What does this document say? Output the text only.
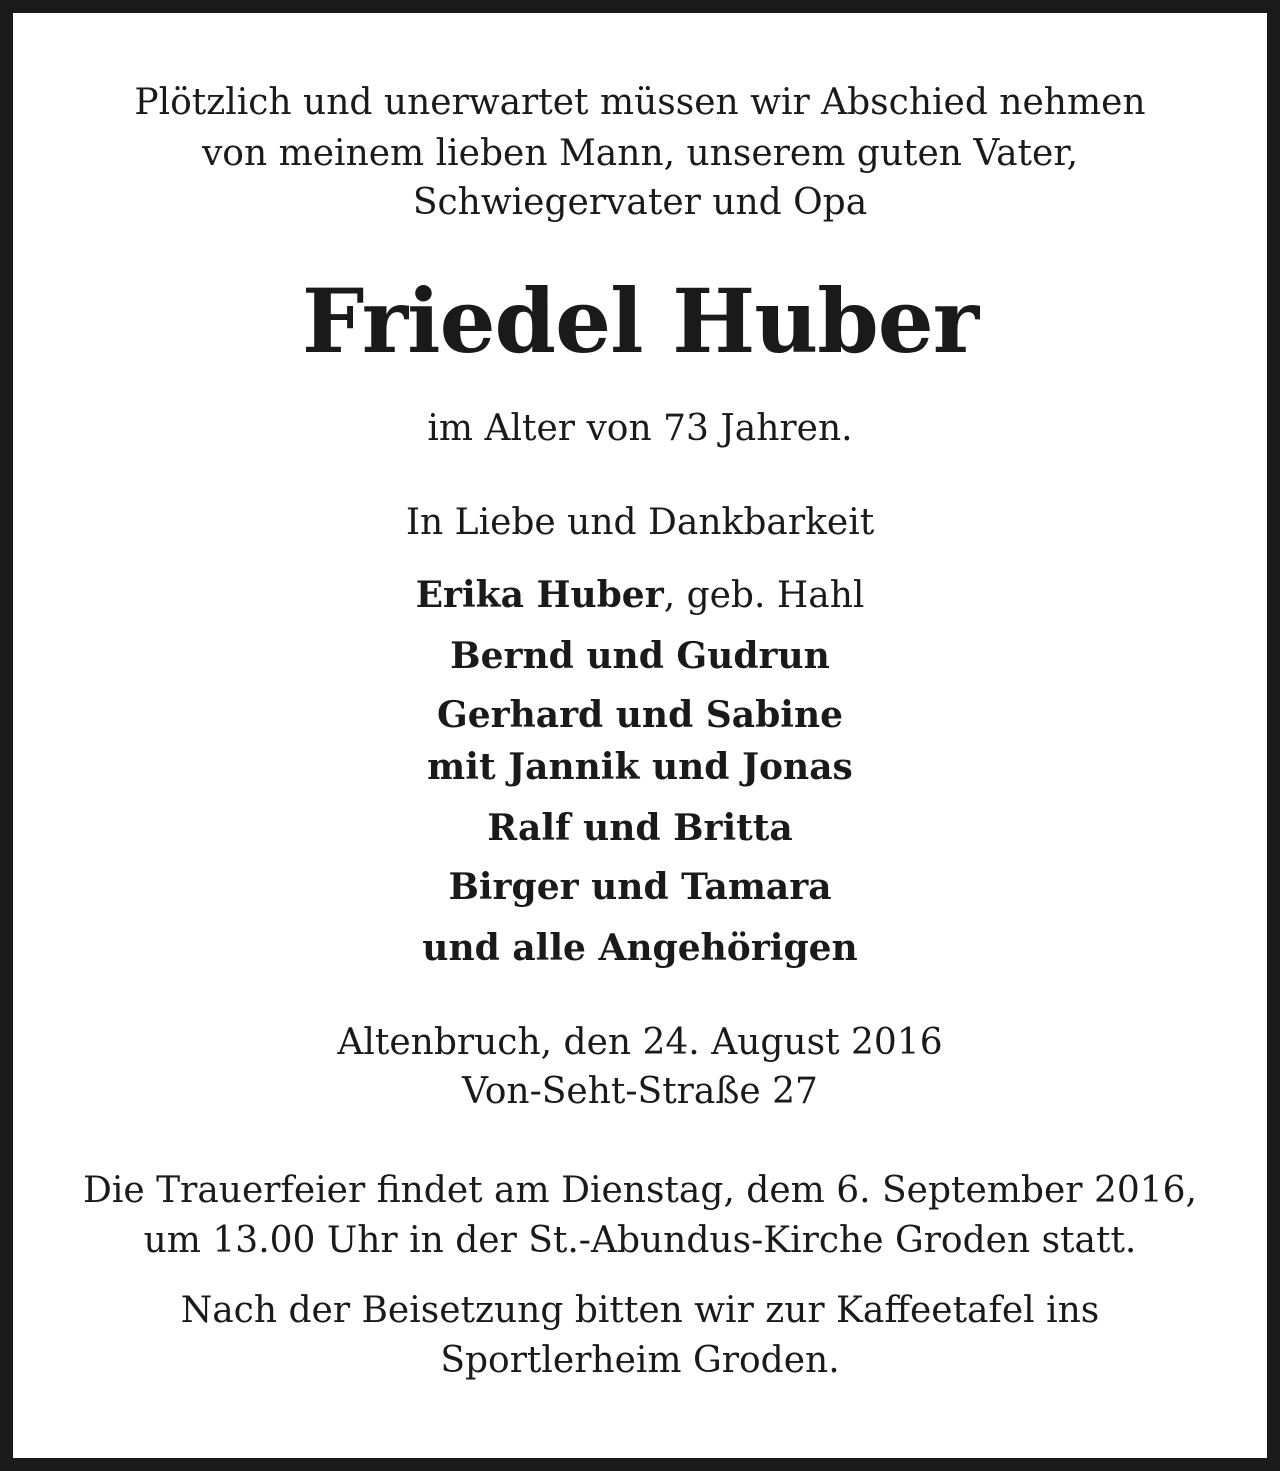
Plötzlich und unerwartet müssen wir Abschied nehmen
von meinem lieben Mann, unserem guten Vater,
Schwiegervater und Opa
Friedel Huber
im Alter von 73 Jahren.
In Liebe und Dankbarkeit
Erika Huber, geb. Hahl
Bernd und Gudrun
Gerhard und Sabine
mit Jannik und Jonas
Ralf und Britta
Birger und Tamara
und alle Angehörigen
Altenbruch, den 24. August 2016
Von-Seht-Straße 27
Die Trauerfeier findet am Dienstag, dem 6. September 2016,
um 13.00 Uhr in der St.-Abundus-Kirche Groden statt.
Nach der Beisetzung bitten wir zur Kaffeetafel ins
Sportlerheim Groden.
